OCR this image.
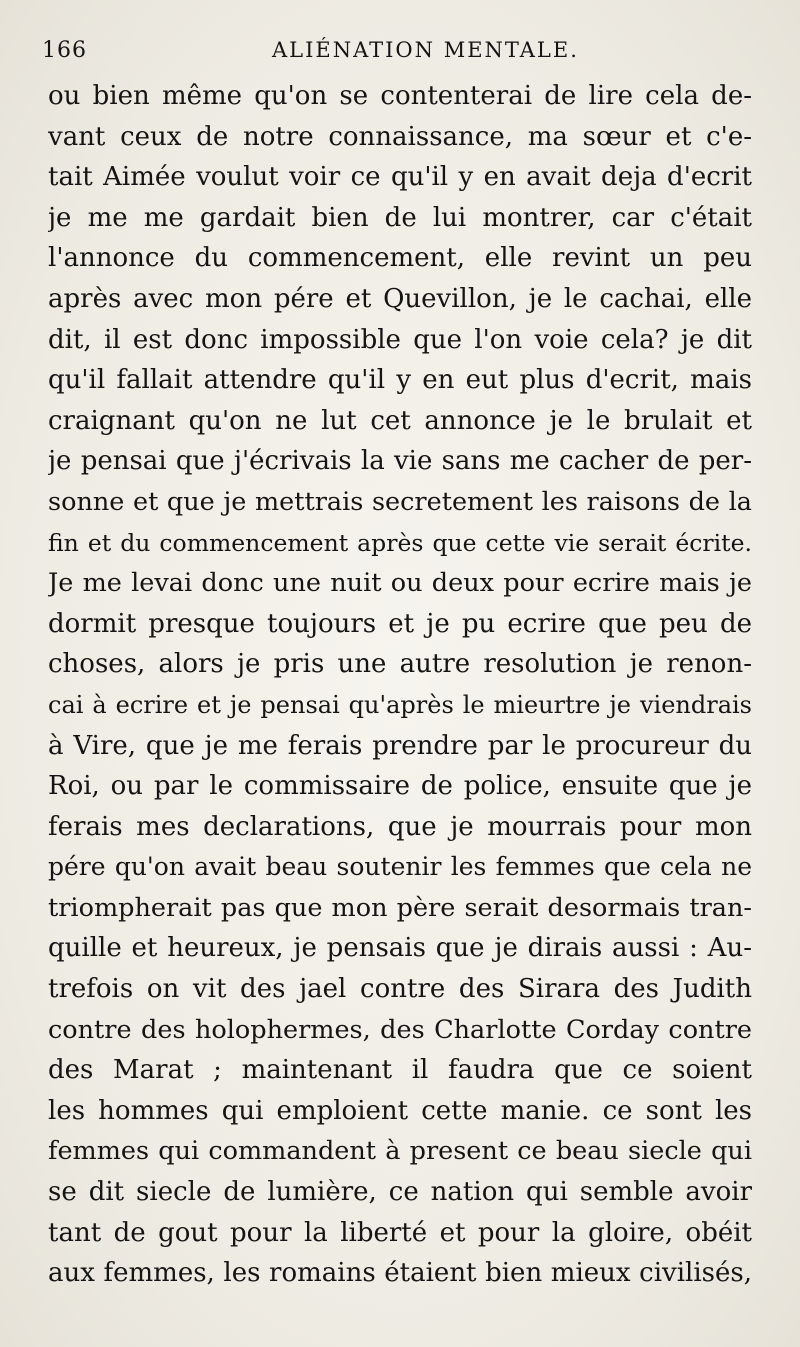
166	ALIÉNATION MENTALE.
ou bien même qu'on se contenterai de lire cela de-
vant ceux de notre connaissance, ma sœur et c'e-
tait Aimée voulut voir ce qu'il y en avait deja d'ecrit
je me me gardait bien de lui montrer, car c'était
l'annonce du commencement, elle revint un peu
après avec mon pére et Quevillon, je le cachai, elle
dit, il est donc impossible que l'on voie cela? je dit
qu'il fallait attendre qu'il y en eut plus d'ecrit, mais
craignant qu'on ne lut cet annonce je le brulait et
je pensai que j'écrivais la vie sans me cacher de per-
sonne et que je mettrais secretement les raisons de la
fin et du commencement après que cette vie serait écrite.
Je me levai donc une nuit ou deux pour ecrire mais je
dormit presque toujours et je pu ecrire que peu de
choses, alors je pris une autre resolution je renon-
cai à ecrire et je pensai qu'après le mieurtre je viendrais
à Vire, que je me ferais prendre par le procureur du
Roi, ou par le commissaire de police, ensuite que je
ferais mes declarations, que je mourrais pour mon
pére qu'on avait beau soutenir les femmes que cela ne
triompherait pas que mon père serait desormais tran-
quille et heureux, je pensais que je dirais aussi : Au-
trefois on vit des jael contre des Sirara des Judith
contre des holophermes, des Charlotte Corday contre
des Marat ; maintenant il faudra que ce soient
les hommes qui emploient cette manie. ce sont les
femmes qui commandent à present ce beau siecle qui
se dit siecle de lumière, ce nation qui semble avoir
tant de gout pour la liberté et pour la gloire, obéit
aux femmes, les romains étaient bien mieux civilisés,
